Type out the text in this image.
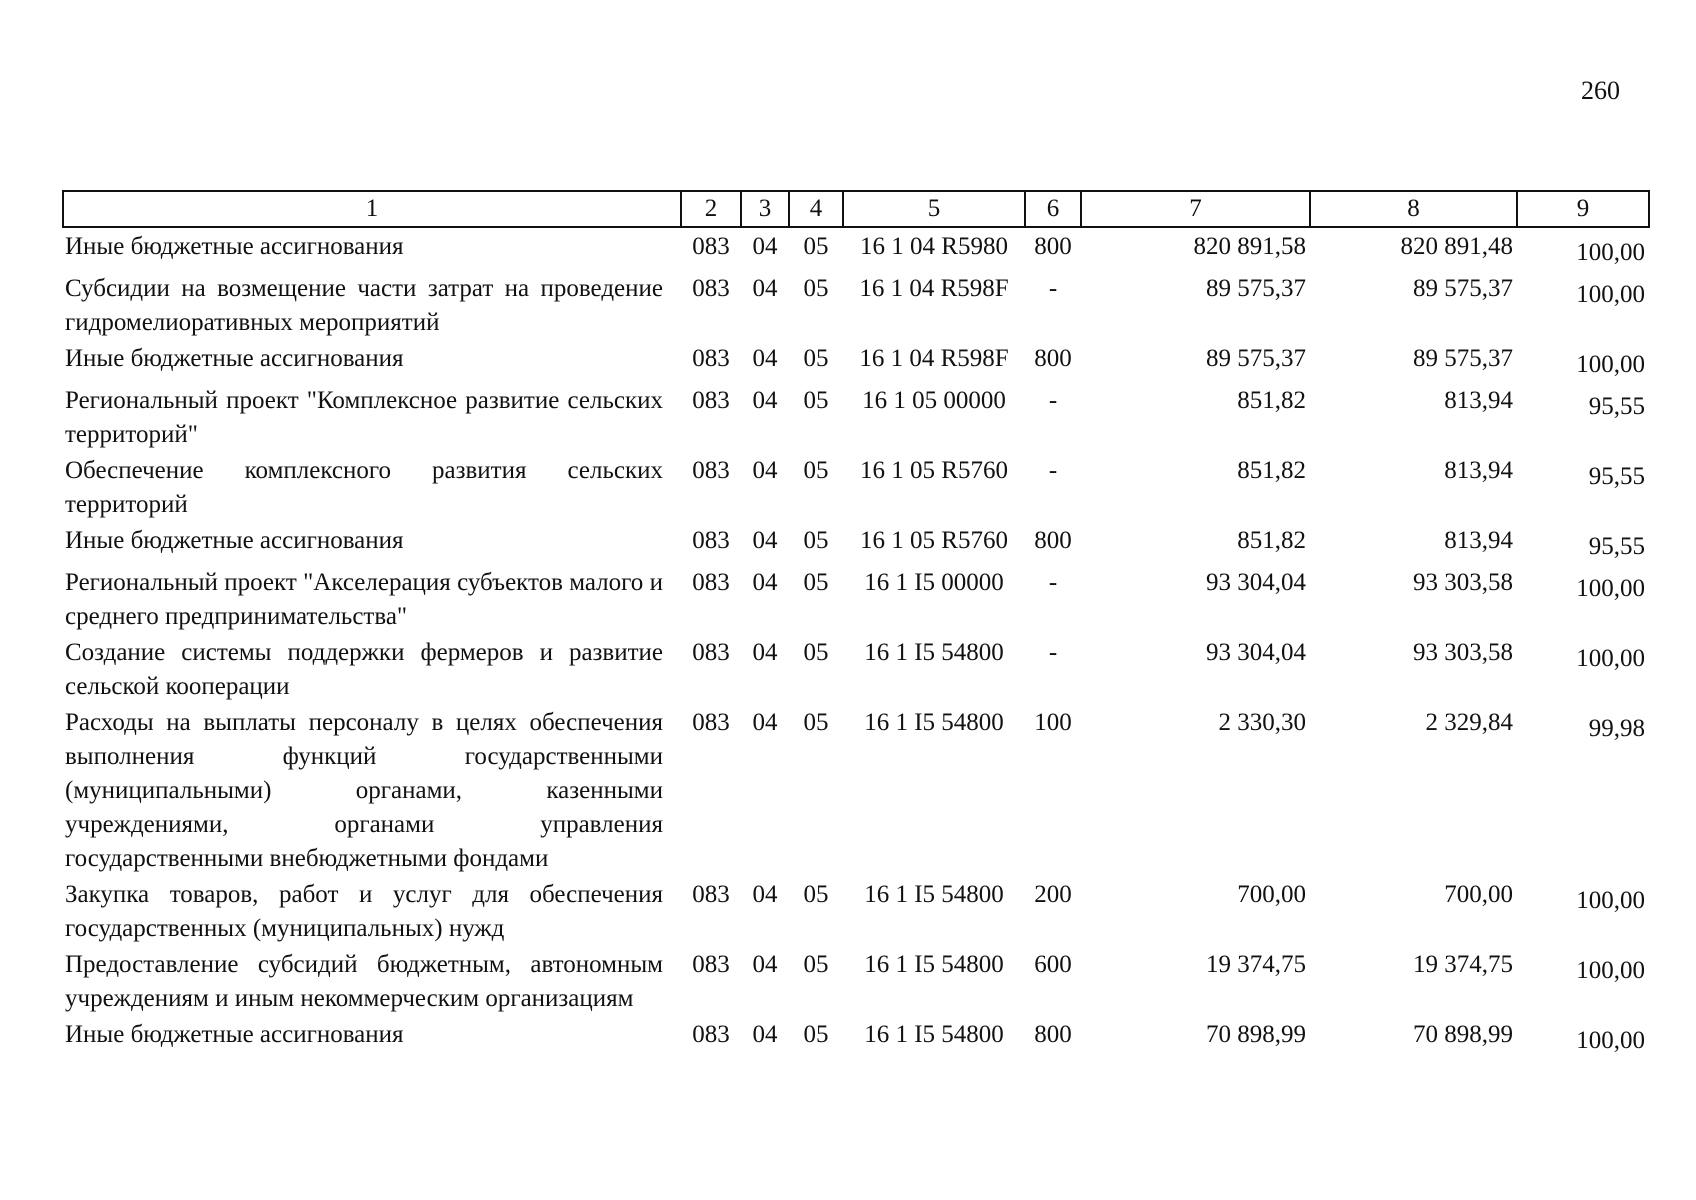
260
1	2	3	4	5	6	7	8	9
Иные бюджетные ассигнования	083	04	05	16 1 04 R5980	800	820 891,58	820 891,48	100,00
Субсидии на возмещение части затрат на проведение гидромелиоративных мероприятий	083	04	05	16 1 04 R598F	-	89 575,37	89 575,37	100,00
Иные бюджетные ассигнования	083	04	05	16 1 04 R598F	800	89 575,37	89 575,37	100,00
Региональный проект "Комплексное развитие сельских территорий"	083	04	05	16 1 05 00000	-	851,82	813,94	95,55
Обеспечение комплексного развития сельских территорий	083	04	05	16 1 05 R5760	-	851,82	813,94	95,55
Иные бюджетные ассигнования	083	04	05	16 1 05 R5760	800	851,82	813,94	95,55
Региональный проект "Акселерация субъектов малого и среднего предпринимательства"	083	04	05	16 1 I5 00000	-	93 304,04	93 303,58	100,00
Создание системы поддержки фермеров и развитие сельской кооперации	083	04	05	16 1 I5 54800	-	93 304,04	93 303,58	100,00
Расходы на выплаты персоналу в целях обеспечения выполнения функций государственными (муниципальными) органами, казенными учреждениями, органами управления государственными внебюджетными фондами	083	04	05	16 1 I5 54800	100	2 330,30	2 329,84	99,98
Закупка товаров, работ и услуг для обеспечения государственных (муниципальных) нужд	083	04	05	16 1 I5 54800	200	700,00	700,00	100,00
Предоставление субсидий бюджетным, автономным учреждениям и иным некоммерческим организациям	083	04	05	16 1 I5 54800	600	19 374,75	19 374,75	100,00
Иные бюджетные ассигнования	083	04	05	16 1 I5 54800	800	70 898,99	70 898,99	100,00
